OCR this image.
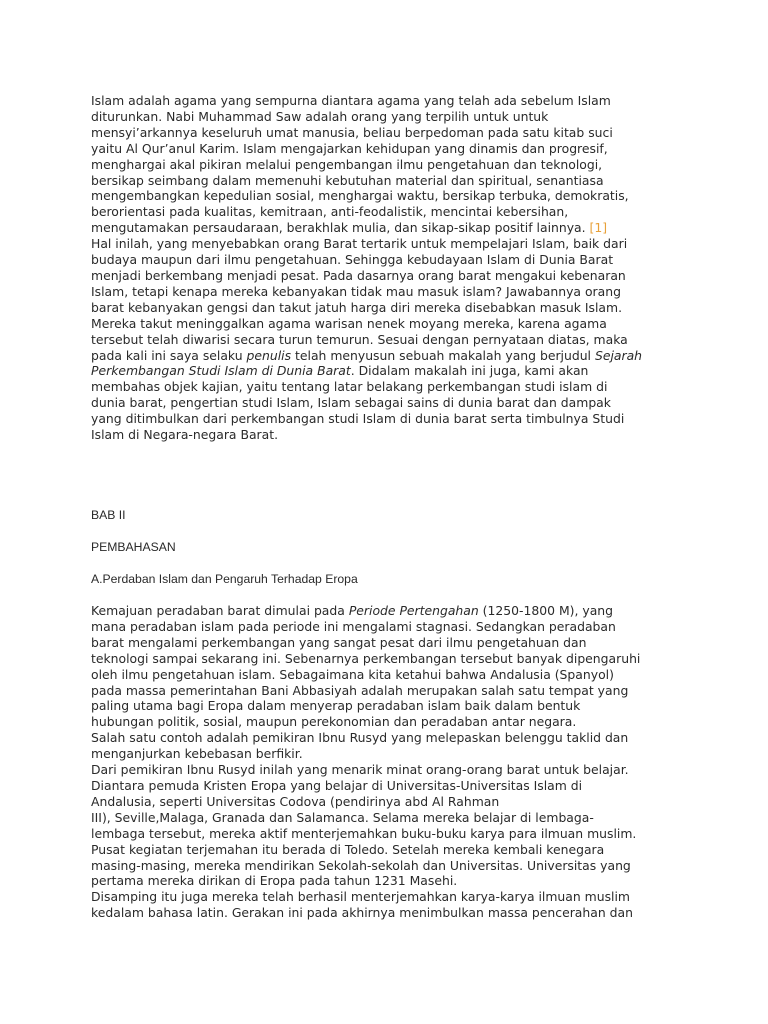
Islam adalah agama yang sempurna diantara agama yang telah ada sebelum Islam
diturunkan. Nabi Muhammad Saw adalah orang yang terpilih untuk untuk
mensyi’arkannya keseluruh umat manusia, beliau berpedoman pada satu kitab suci
yaitu Al Qur’anul Karim. Islam mengajarkan kehidupan yang dinamis dan progresif,
menghargai akal pikiran melalui pengembangan ilmu pengetahuan dan teknologi,
bersikap seimbang dalam memenuhi kebutuhan material dan spiritual, senantiasa
mengembangkan kepedulian sosial, menghargai waktu, bersikap terbuka, demokratis,
berorientasi pada kualitas, kemitraan, anti-feodalistik, mencintai kebersihan,
mengutamakan persaudaraan, berakhlak mulia, dan sikap-sikap positif lainnya. [1]
Hal inilah, yang menyebabkan orang Barat tertarik untuk mempelajari Islam, baik dari
budaya maupun dari ilmu pengetahuan. Sehingga kebudayaan Islam di Dunia Barat
menjadi berkembang menjadi pesat. Pada dasarnya orang barat mengakui kebenaran
Islam, tetapi kenapa mereka kebanyakan tidak mau masuk islam? Jawabannya orang
barat kebanyakan gengsi dan takut jatuh harga diri mereka disebabkan masuk Islam.
Mereka takut meninggalkan agama warisan nenek moyang mereka, karena agama
tersebut telah diwarisi secara turun temurun. Sesuai dengan pernyataan diatas, maka
pada kali ini saya selaku penulis telah menyusun sebuah makalah yang berjudul Sejarah
Perkembangan Studi Islam di Dunia Barat. Didalam makalah ini juga, kami akan
membahas objek kajian, yaitu tentang latar belakang perkembangan studi islam di
dunia barat, pengertian studi Islam, Islam sebagai sains di dunia barat dan dampak
yang ditimbulkan dari perkembangan studi Islam di dunia barat serta timbulnya Studi
Islam di Negara-negara Barat.

BAB II

PEMBAHASAN

A.Perdaban Islam dan Pengaruh Terhadap Eropa

Kemajuan peradaban barat dimulai pada Periode Pertengahan (1250-1800 M), yang
mana peradaban islam pada periode ini mengalami stagnasi. Sedangkan peradaban
barat mengalami perkembangan yang sangat pesat dari ilmu pengetahuan dan
teknologi sampai sekarang ini. Sebenarnya perkembangan tersebut banyak dipengaruhi
oleh ilmu pengetahuan islam. Sebagaimana kita ketahui bahwa Andalusia (Spanyol)
pada massa pemerintahan Bani Abbasiyah adalah merupakan salah satu tempat yang
paling utama bagi Eropa dalam menyerap peradaban islam baik dalam bentuk
hubungan politik, sosial, maupun perekonomian dan peradaban antar negara.
Salah satu contoh adalah pemikiran Ibnu Rusyd yang melepaskan belenggu taklid dan
menganjurkan kebebasan berfikir.
Dari pemikiran Ibnu Rusyd inilah yang menarik minat orang-orang barat untuk belajar.
Diantara pemuda Kristen Eropa yang belajar di Universitas-Universitas Islam di
Andalusia, seperti Universitas Codova (pendirinya abd Al Rahman
III), Seville,Malaga, Granada dan Salamanca. Selama mereka belajar di lembaga-
lembaga tersebut, mereka aktif menterjemahkan buku-buku karya para ilmuan muslim.
Pusat kegiatan terjemahan itu berada di Toledo. Setelah mereka kembali kenegara
masing-masing, mereka mendirikan Sekolah-sekolah dan Universitas. Universitas yang
pertama mereka dirikan di Eropa pada tahun 1231 Masehi.
Disamping itu juga mereka telah berhasil menterjemahkan karya-karya ilmuan muslim
kedalam bahasa latin. Gerakan ini pada akhirnya menimbulkan massa pencerahan dan
